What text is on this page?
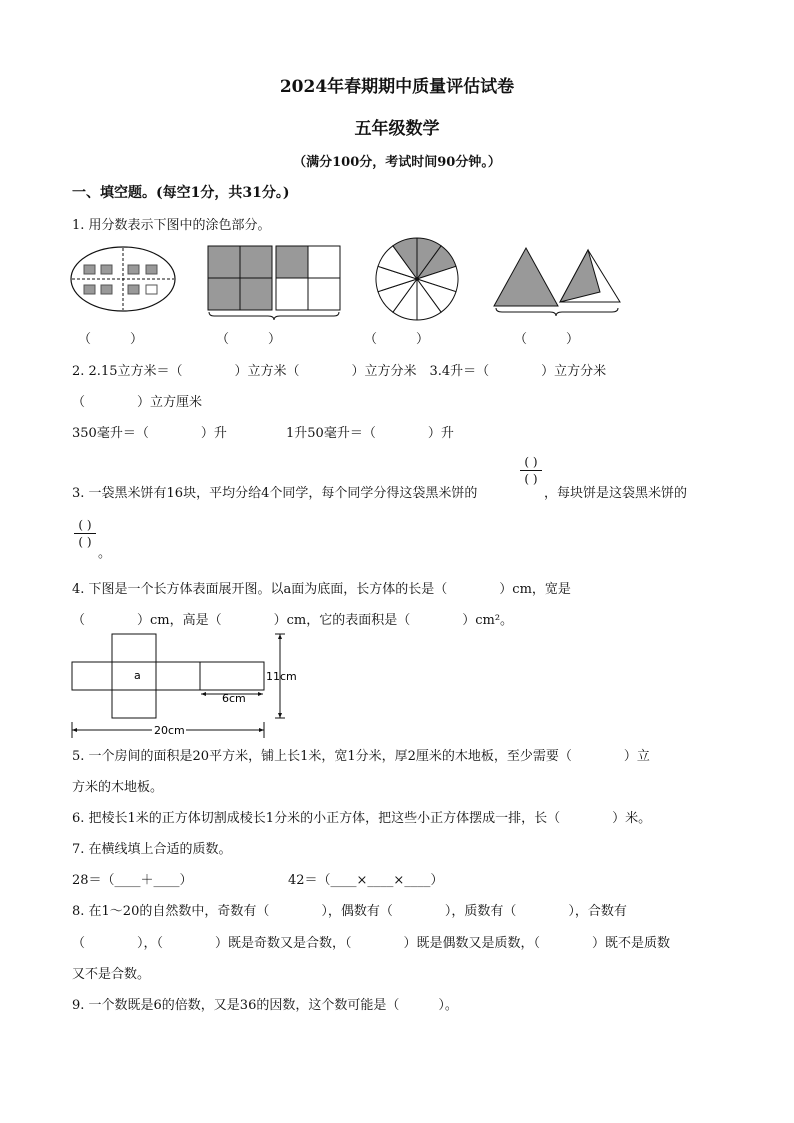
2024年春期期中质量评估试卷
五年级数学
（满分100分，考试时间90分钟。）
一、填空题。(每空1分，共31分。)
1. 用分数表示下图中的涂色部分。
（　　　）	（　　　）	（　　　）	（　　　）
2. 2.15立方米＝（　　　　）立方米（　　　　）立方分米　3.4升＝（　　　　）立方分米
（　　　　）立方厘米
350毫升＝（　　　　）升	1升50毫升＝（　　　　）升
3. 一袋黑米饼有16块，平均分给4个同学，每个同学分得这袋黑米饼的
( )
( )
，每块饼是这袋黑米饼的
( )
( )
。
4. 下图是一个长方体表面展开图。以a面为底面，长方体的长是（　　　　）cm，宽是
（　　　　）cm，高是（　　　　）cm，它的表面积是（　　　　）cm²。
a
6cm
11cm
20cm
5. 一个房间的面积是20平方米，铺上长1米，宽1分米，厚2厘米的木地板，至少需要（　　　　）立
方米的木地板。
6. 把棱长1米的正方体切割成棱长1分米的小正方体，把这些小正方体摆成一排，长（　　　　）米。
7. 在横线填上合适的质数。
28＝（____＋____）	42＝（____×____×____）
8. 在1～20的自然数中，奇数有（　　　　），偶数有（　　　　），质数有（　　　　），合数有
（　　　　），（　　　　）既是奇数又是合数，（　　　　）既是偶数又是质数，（　　　　）既不是质数
又不是合数。
9. 一个数既是6的倍数，又是36的因数，这个数可能是（　　　）。
